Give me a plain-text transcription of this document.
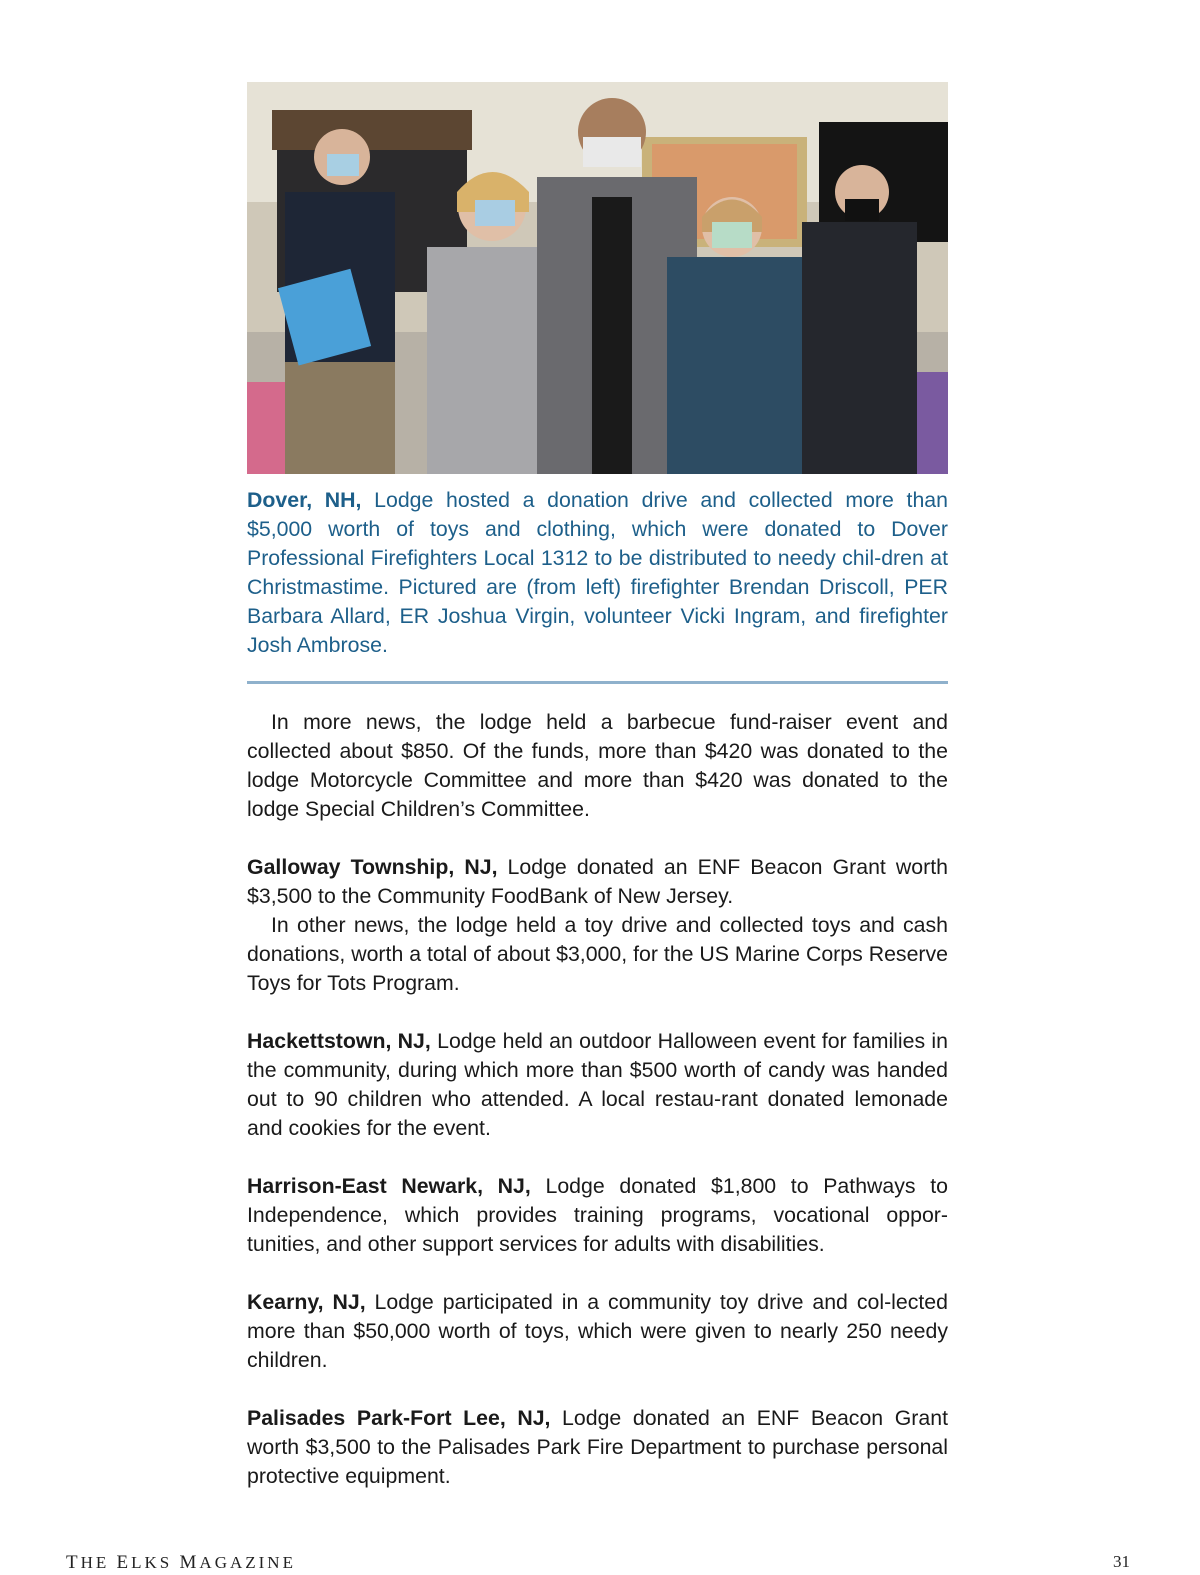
Dover, NH, Lodge hosted a donation drive and collected more than $5,000 worth of toys and clothing, which were donated to Dover Professional Firefighters Local 1312 to be distributed to needy chil-dren at Christmastime. Pictured are (from left) firefighter Brendan Driscoll, PER Barbara Allard, ER Joshua Virgin, volunteer Vicki Ingram, and firefighter Josh Ambrose.

In more news, the lodge held a barbecue fund-raiser event and collected about $850. Of the funds, more than $420 was donated to the lodge Motorcycle Committee and more than $420 was donated to the lodge Special Children’s Committee.

Galloway Township, NJ, Lodge donated an ENF Beacon Grant worth $3,500 to the Community FoodBank of New Jersey.

In other news, the lodge held a toy drive and collected toys and cash donations, worth a total of about $3,000, for the US Marine Corps Reserve Toys for Tots Program.

Hackettstown, NJ, Lodge held an outdoor Halloween event for families in the community, during which more than $500 worth of candy was handed out to 90 children who attended. A local restau-rant donated lemonade and cookies for the event.

Harrison-East Newark, NJ, Lodge donated $1,800 to Pathways to Independence, which provides training programs, vocational oppor-tunities, and other support services for adults with disabilities.

Kearny, NJ, Lodge participated in a community toy drive and col-lected more than $50,000 worth of toys, which were given to nearly 250 needy children.

Palisades Park-Fort Lee, NJ, Lodge donated an ENF Beacon Grant worth $3,500 to the Palisades Park Fire Department to purchase personal protective equipment.

THE ELKS MAGAZINE	31
